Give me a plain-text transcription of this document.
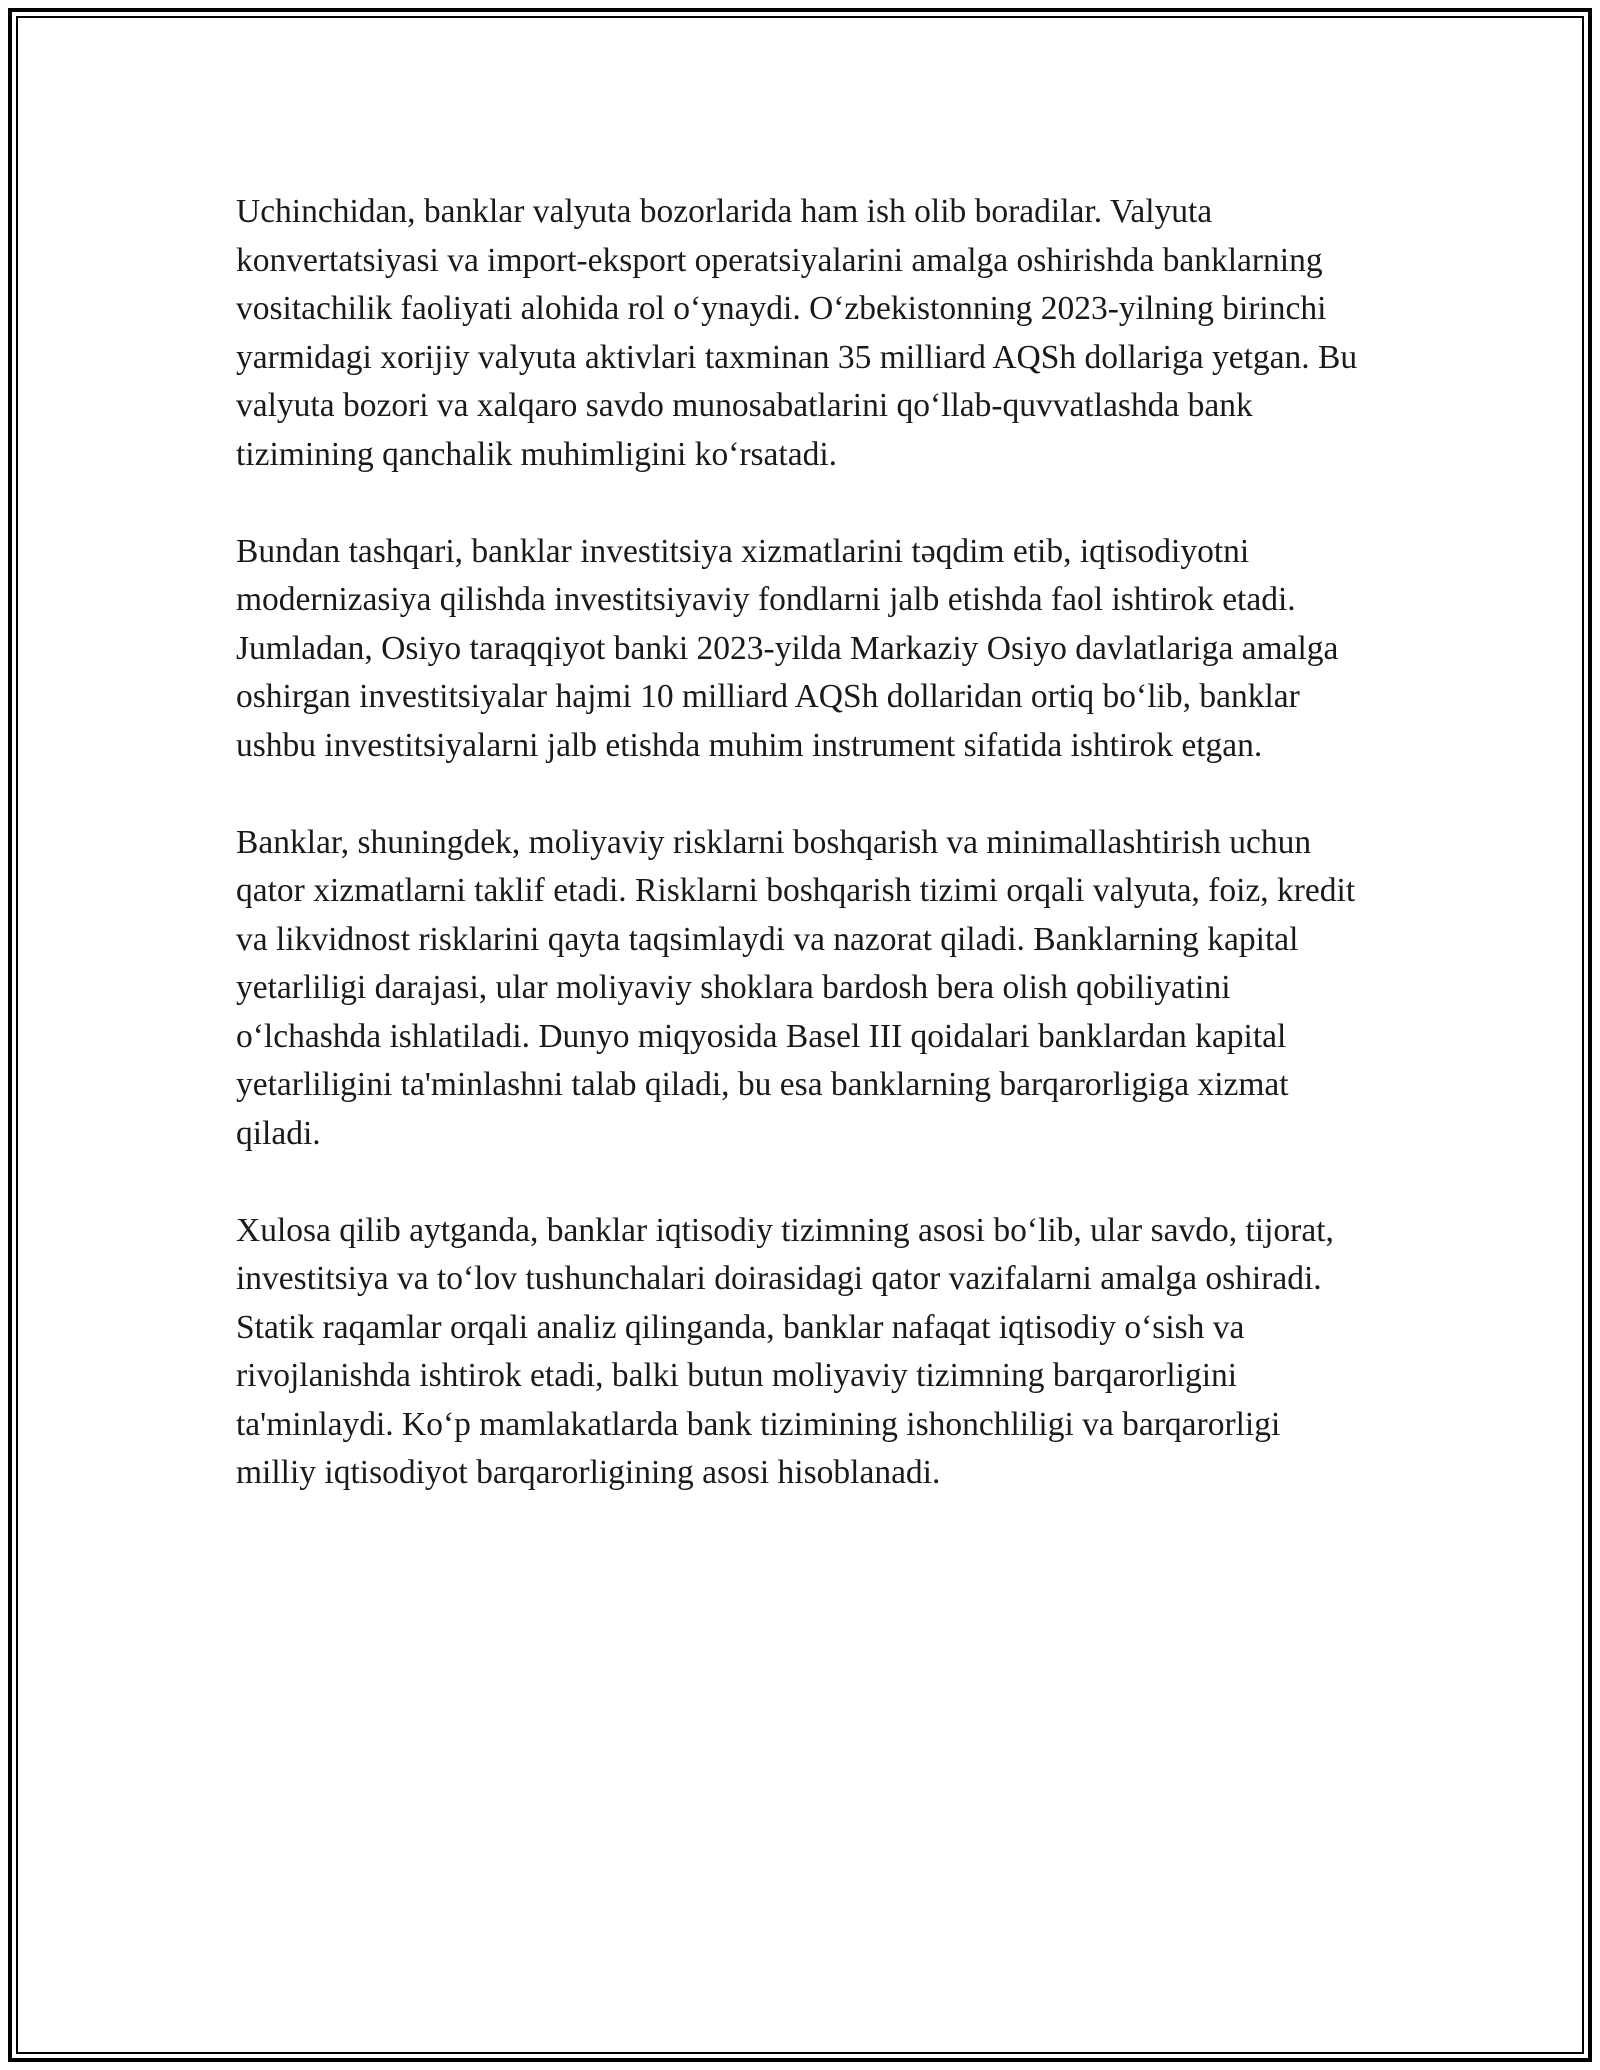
Uchinchidan, banklar valyuta bozorlarida ham ish olib boradilar. Valyuta konvertatsiyasi va import-eksport operatsiyalarini amalga oshirishda banklarning vositachilik faoliyati alohida rol o‘ynaydi. O‘zbekistonning 2023-yilning birinchi yarmidagi xorijiy valyuta aktivlari taxminan 35 milliard AQSh dollariga yetgan. Bu valyuta bozori va xalqaro savdo munosabatlarini qo‘llab-quvvatlashda bank tizimining qanchalik muhimligini ko‘rsatadi.

Bundan tashqari, banklar investitsiya xizmatlarini təqdim etib, iqtisodiyotni modernizasiya qilishda investitsiyaviy fondlarni jalb etishda faol ishtirok etadi. Jumladan, Osiyo taraqqiyot banki 2023-yilda Markaziy Osiyo davlatlariga amalga oshirgan investitsiyalar hajmi 10 milliard AQSh dollaridan ortiq bo‘lib, banklar ushbu investitsiyalarni jalb etishda muhim instrument sifatida ishtirok etgan.

Banklar, shuningdek, moliyaviy risklarni boshqarish va minimallashtirish uchun qator xizmatlarni taklif etadi. Risklarni boshqarish tizimi orqali valyuta, foiz, kredit va likvidnost risklarini qayta taqsimlaydi va nazorat qiladi. Banklarning kapital yetarliligi darajasi, ular moliyaviy shoklara bardosh bera olish qobiliyatini o‘lchashda ishlatiladi. Dunyo miqyosida Basel III qoidalari banklardan kapital yetarliligini ta'minlashni talab qiladi, bu esa banklarning barqarorligiga xizmat qiladi.

Xulosa qilib aytganda, banklar iqtisodiy tizimning asosi bo‘lib, ular savdo, tijorat, investitsiya va to‘lov tushunchalari doirasidagi qator vazifalarni amalga oshiradi. Statik raqamlar orqali analiz qilinganda, banklar nafaqat iqtisodiy o‘sish va rivojlanishda ishtirok etadi, balki butun moliyaviy tizimning barqarorligini ta'minlaydi. Ko‘p mamlakatlarda bank tizimining ishonchliligi va barqarorligi milliy iqtisodiyot barqarorligining asosi hisoblanadi.
